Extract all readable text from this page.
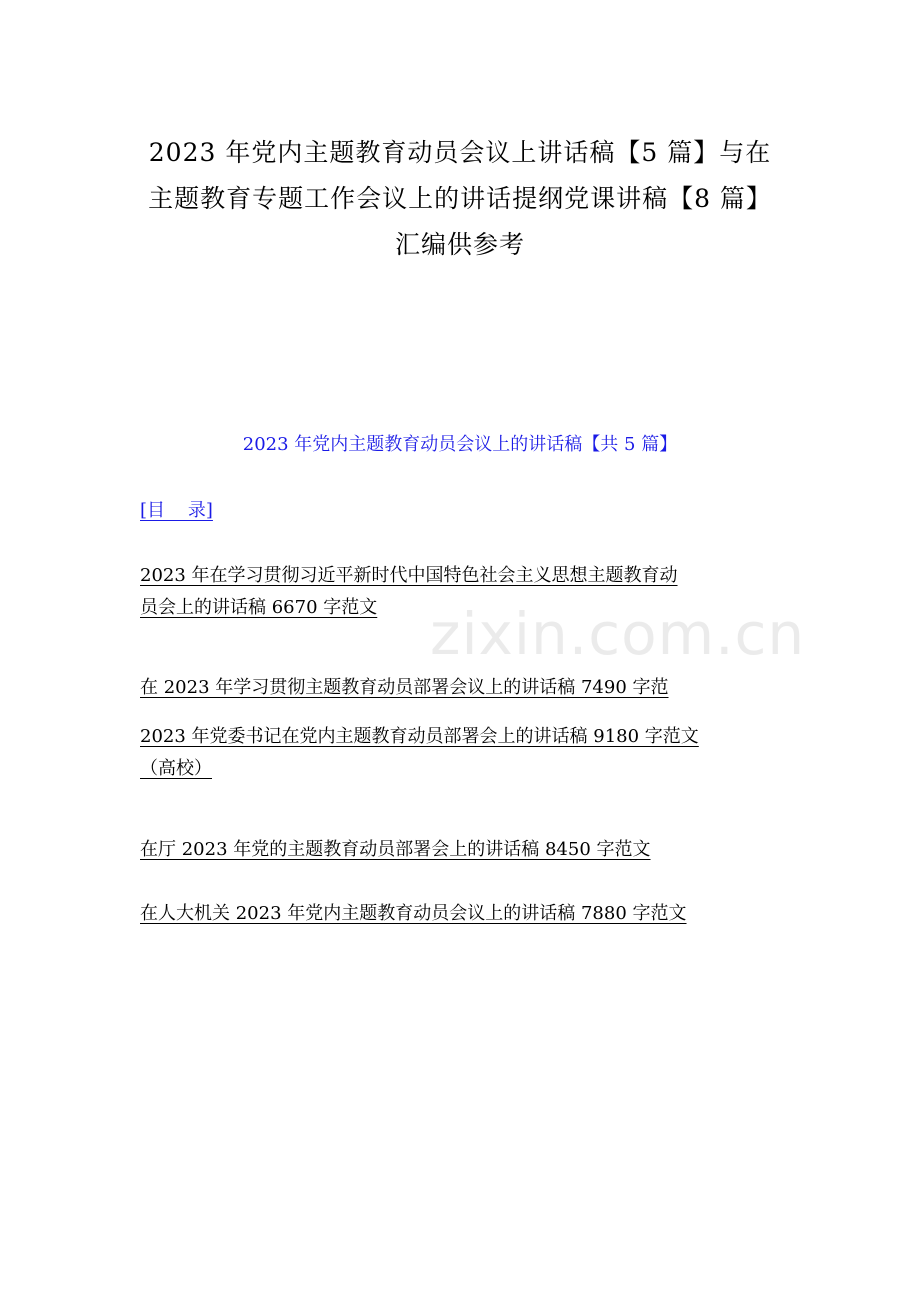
zixin.com.cn
2023 年党内主题教育动员会议上讲话稿【5 篇】与在
主题教育专题工作会议上的讲话提纲党课讲稿【8 篇】
汇编供参考
2023 年党内主题教育动员会议上的讲话稿【共 5 篇】
[目    录]
2023 年在学习贯彻习近平新时代中国特色社会主义思想主题教育动
员会上的讲话稿 6670 字范文
在 2023 年学习贯彻主题教育动员部署会议上的讲话稿 7490 字范
2023 年党委书记在党内主题教育动员部署会上的讲话稿 9180 字范文
（高校）
在厅 2023 年党的主题教育动员部署会上的讲话稿 8450 字范文
在人大机关 2023 年党内主题教育动员会议上的讲话稿 7880 字范文
